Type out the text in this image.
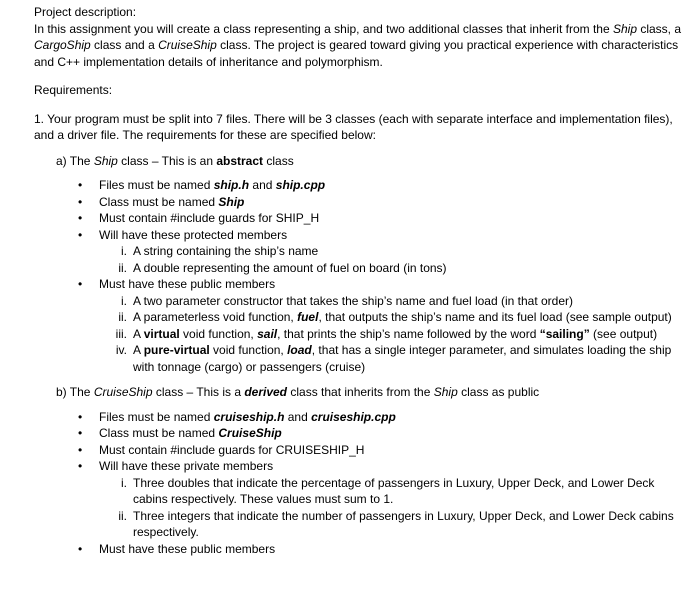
Project description:

In this assignment you will create a class representing a ship, and two additional classes that inherit from the Ship class, a CargoShip class and a CruiseShip class. The project is geared toward giving you practical experience with characteristics and C++ implementation details of inheritance and polymorphism.

Requirements:

1. Your program must be split into 7 files. There will be 3 classes (each with separate interface and implementation files), and a driver file. The requirements for these are specified below:

a) The Ship class – This is an abstract class

• Files must be named ship.h and ship.cpp
• Class must be named Ship
• Must contain #include guards for SHIP_H
• Will have these protected members
i. A string containing the ship’s name
ii. A double representing the amount of fuel on board (in tons)
• Must have these public members
i. A two parameter constructor that takes the ship’s name and fuel load (in that order)
ii. A parameterless void function, fuel, that outputs the ship’s name and its fuel load (see sample output)
iii. A virtual void function, sail, that prints the ship’s name followed by the word “sailing” (see output)
iv. A pure-virtual void function, load, that has a single integer parameter, and simulates loading the ship with tonnage (cargo) or passengers (cruise)

b) The CruiseShip class – This is a derived class that inherits from the Ship class as public

• Files must be named cruiseship.h and cruiseship.cpp
• Class must be named CruiseShip
• Must contain #include guards for CRUISESHIP_H
• Will have these private members
i. Three doubles that indicate the percentage of passengers in Luxury, Upper Deck, and Lower Deck cabins respectively. These values must sum to 1.
ii. Three integers that indicate the number of passengers in Luxury, Upper Deck, and Lower Deck cabins respectively.
• Must have these public members
